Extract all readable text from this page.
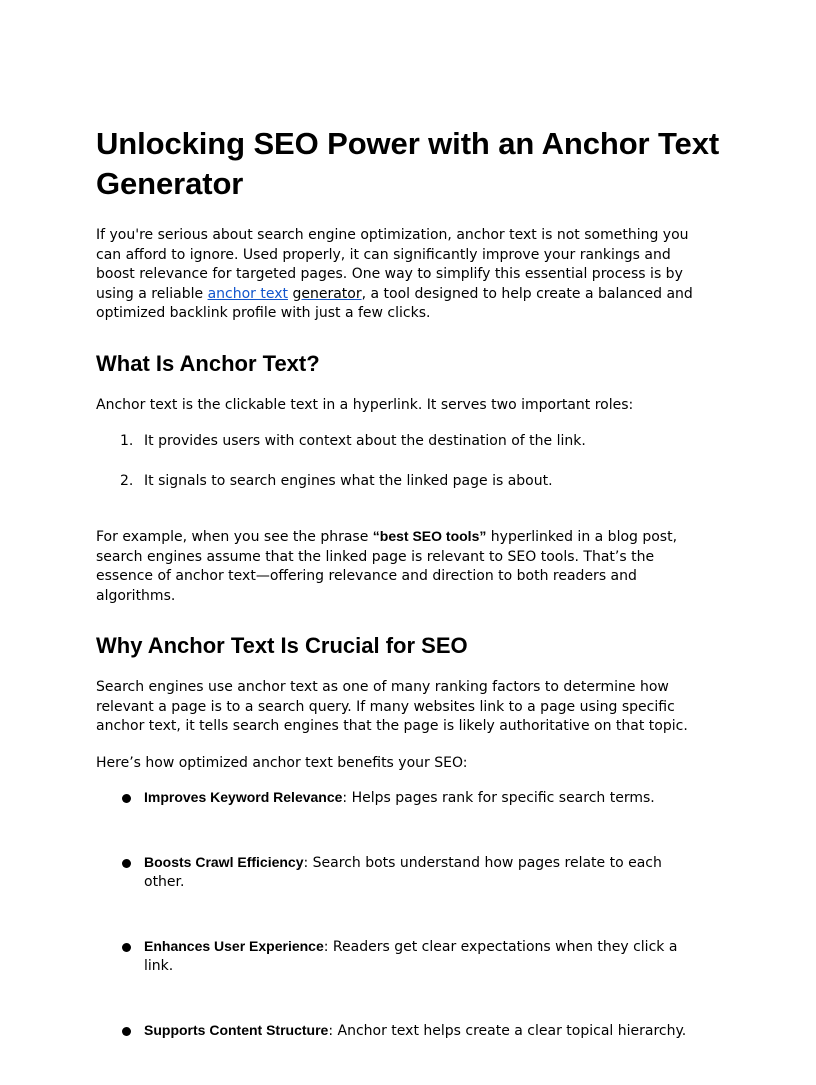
Unlocking SEO Power with an Anchor Text Generator

If you're serious about search engine optimization, anchor text is not something you can afford to ignore. Used properly, it can significantly improve your rankings and boost relevance for targeted pages. One way to simplify this essential process is by using a reliable anchor text generator, a tool designed to help create a balanced and optimized backlink profile with just a few clicks.

What Is Anchor Text?

Anchor text is the clickable text in a hyperlink. It serves two important roles:

1. It provides users with context about the destination of the link.
2. It signals to search engines what the linked page is about.

For example, when you see the phrase “best SEO tools” hyperlinked in a blog post, search engines assume that the linked page is relevant to SEO tools. That’s the essence of anchor text—offering relevance and direction to both readers and algorithms.

Why Anchor Text Is Crucial for SEO

Search engines use anchor text as one of many ranking factors to determine how relevant a page is to a search query. If many websites link to a page using specific anchor text, it tells search engines that the page is likely authoritative on that topic.

Here’s how optimized anchor text benefits your SEO:

Improves Keyword Relevance: Helps pages rank for specific search terms.
Boosts Crawl Efficiency: Search bots understand how pages relate to each other.
Enhances User Experience: Readers get clear expectations when they click a link.
Supports Content Structure: Anchor text helps create a clear topical hierarchy.
